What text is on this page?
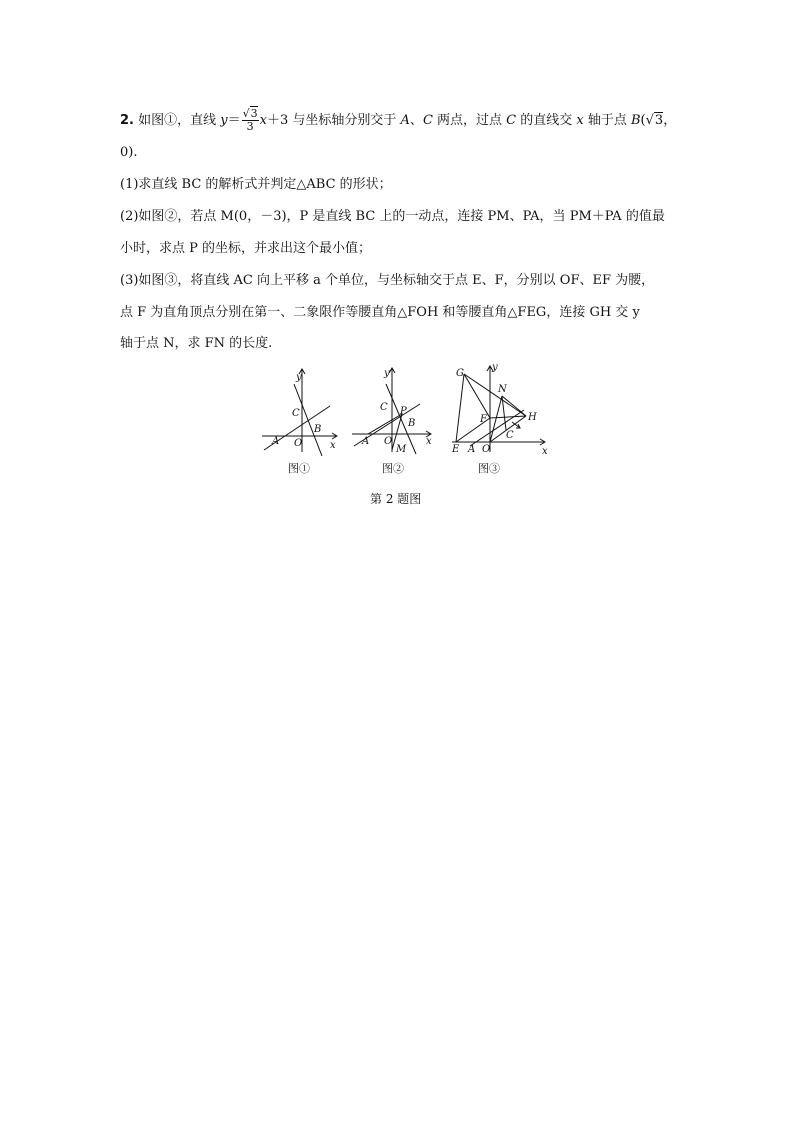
2. 如图①，直线 $y= \frac{√3}{3} x+3$ 与坐标轴分别交于 A、C 两点，过点 C 的直线交 x 轴于点 B(√3，
0).
(1)求直线 BC 的解析式并判定△ABC 的形状；
(2)如图②，若点 M(0，－3)，P 是直线 BC 上的一动点，连接 PM、PA，当 PM＋PA 的值最
小时，求点 P 的坐标，并求出这个最小值；
(3)如图③，将直线 AC 向上平移 a 个单位，与坐标轴交于点 E、F，分别以 OF、EF 为腰，
点 F 为直角顶点分别在第一、二象限作等腰直角△FOH 和等腰直角△FEG，连接 GH 交 y
轴于点 N，求 FN 的长度.
y
x
C
A O
B
图①
y
x
C P
B
A O
M
图②
G
y
x
N
F	H
C
E A O
图③
第 2 题图
